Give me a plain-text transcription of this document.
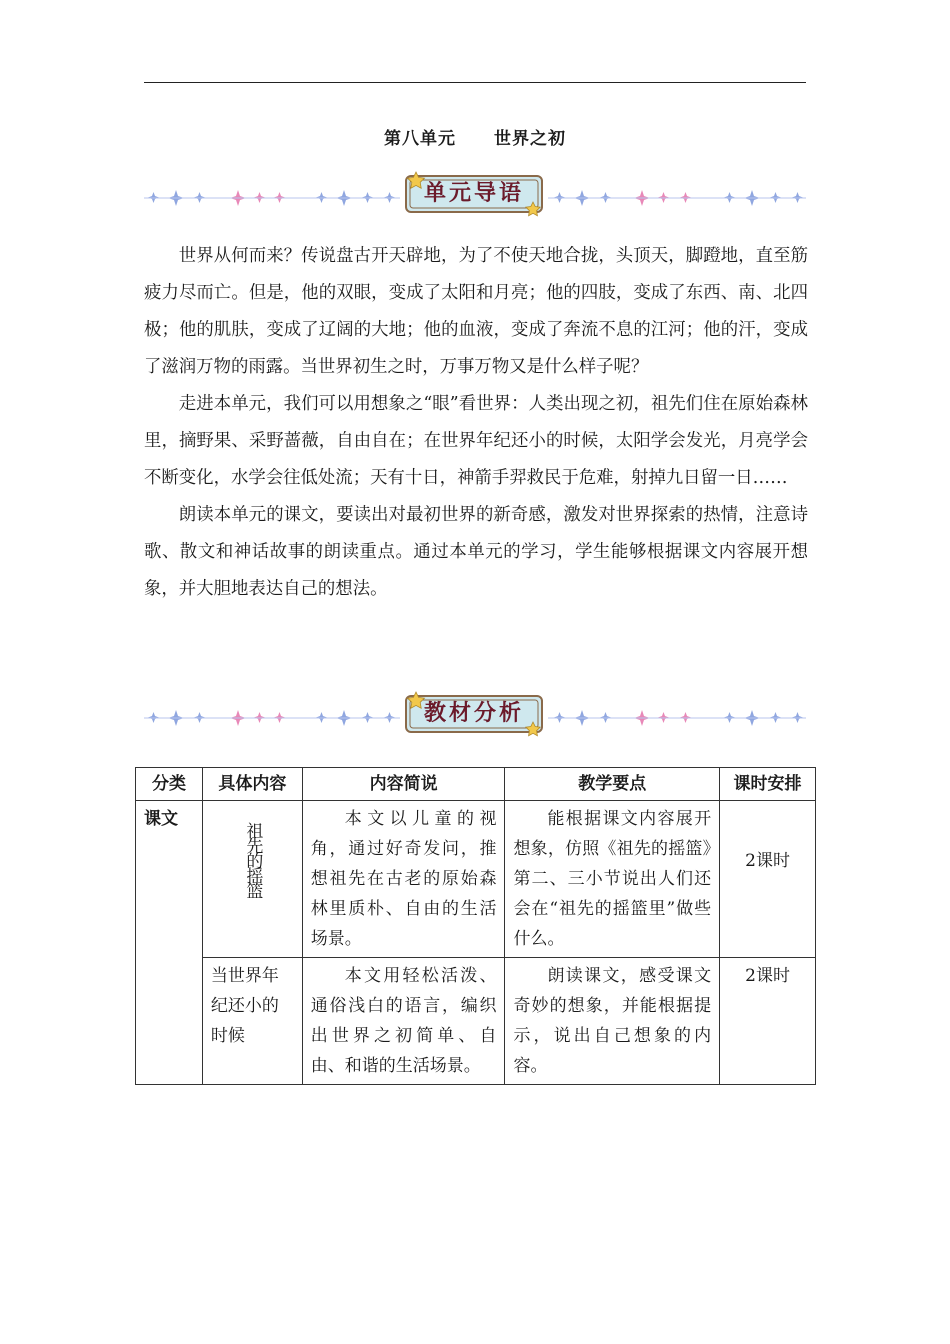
第八单元 世界之初
单元导语

世界从何而来？传说盘古开天辟地，为了不使天地合拢，头顶天，脚蹬地，直至筋疲力尽而亡。但是，他的双眼，变成了太阳和月亮；他的四肢，变成了东西、南、北四极；他的肌肤，变成了辽阔的大地；他的血液，变成了奔流不息的江河；他的汗，变成了滋润万物的雨露。当世界初生之时，万事万物又是什么样子呢？

走进本单元，我们可以用想象之“眼”看世界：人类出现之初，祖先们住在原始森林里，摘野果、采野蔷薇，自由自在；在世界年纪还小的时候，太阳学会发光，月亮学会不断变化，水学会往低处流；天有十日，神箭手羿救民于危难，射掉九日留一日……

朗读本单元的课文，要读出对最初世界的新奇感，激发对世界探索的热情，注意诗歌、散文和神话故事的朗读重点。通过本单元的学习，学生能够根据课文内容展开想象，并大胆地表达自己的想法。

教材分析
分类	具体内容	内容简说	教学要点	课时安排
课文	祖先的摇篮	本文以儿童的视角，通过好奇发问，推想祖先在古老的原始森林里质朴、自由的生活场景。	能根据课文内容展开想象，仿照《祖先的摇篮》第二、三小节说出人们还会在“祖先的摇篮里”做些什么。	2课时
	当世界年纪还小的时候	本文用轻松活泼、通俗浅白的语言，编织出世界之初简单、自由、和谐的生活场景。	朗读课文，感受课文奇妙的想象，并能根据提示，说出自己想象的内容。	2课时
